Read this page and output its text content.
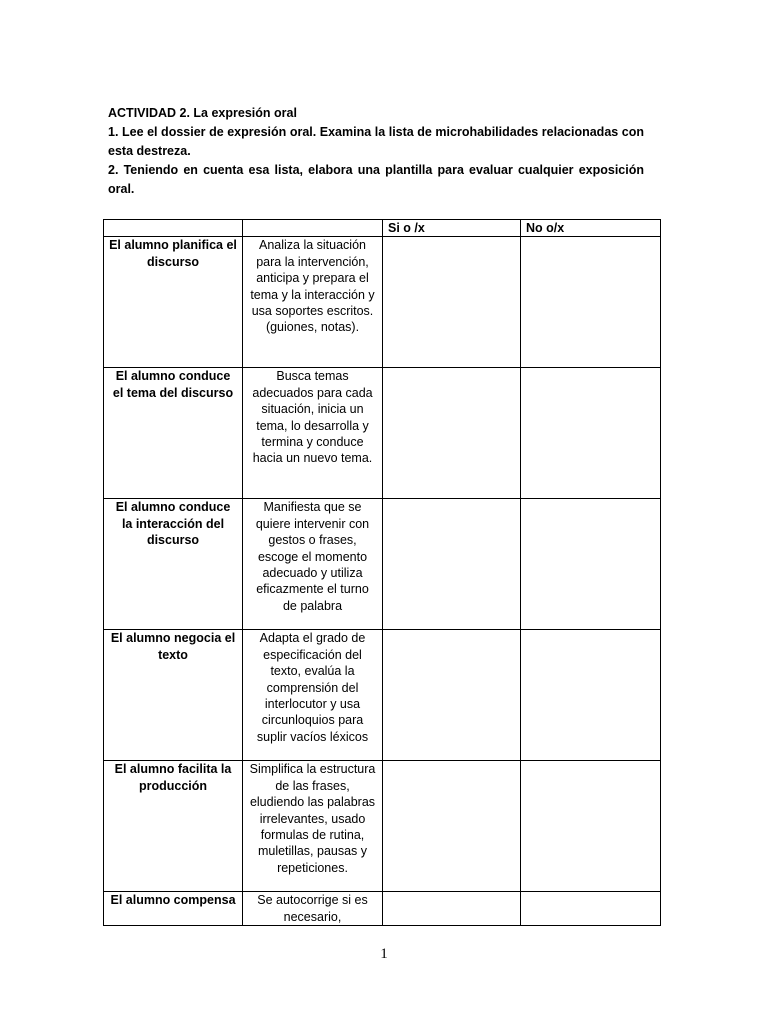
ACTIVIDAD 2. La expresión oral

1. Lee el dossier de expresión oral. Examina la lista de microhabilidades relacionadas con esta destreza.

2. Teniendo en cuenta esa lista, elabora una plantilla para evaluar cualquier exposición oral.

		Si o /x	No o/x
El alumno planifica el discurso	Analiza la situación para la intervención, anticipa y prepara el tema y la interacción y usa soportes escritos. (guiones, notas).		
El alumno conduce el tema del discurso	Busca temas adecuados para cada situación, inicia un tema, lo desarrolla y termina y conduce hacia un nuevo tema.		
El alumno conduce la interacción del discurso	Manifiesta que se quiere intervenir con gestos o frases, escoge el momento adecuado y utiliza eficazmente el turno de palabra		
El alumno negocia el texto	Adapta el grado de especificación del texto, evalúa la comprensión del interlocutor y usa circunloquios para suplir vacíos léxicos		
El alumno facilita la producción	Simplifica la estructura de las frases, eludiendo las palabras irrelevantes, usado formulas de rutina, muletillas, pausas y repeticiones.		
El alumno compensa	Se autocorrige si es necesario,		
1
